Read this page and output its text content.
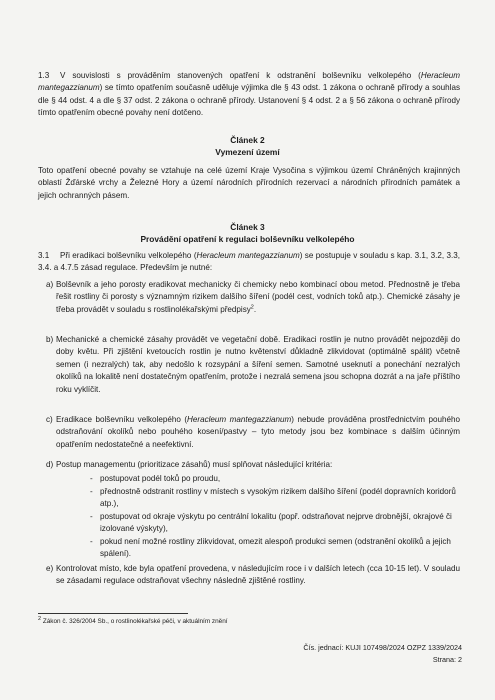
1.3 V souvislosti s prováděním stanovených opatření k odstranění bolševníku velkolepého (Heracleum mantegazzianum) se tímto opatřením současně uděluje výjimka dle § 43 odst. 1 zákona o ochraně přírody a souhlas dle § 44 odst. 4 a dle § 37 odst. 2 zákona o ochraně přírody. Ustanovení § 4 odst. 2 a § 56 zákona o ochraně přírody tímto opatřením obecné povahy není dotčeno.
Článek 2
Vymezení území
Toto opatření obecné povahy se vztahuje na celé území Kraje Vysočina s výjimkou území Chráněných krajinných oblastí Žďárské vrchy a Železné Hory a území národních přírodních rezervací a národních přírodních památek a jejich ochranných pásem.
Článek 3
Provádění opatření k regulaci bolševníku velkolepého
3.1 Při eradikaci bolševníku velkolepého (Heracleum mantegazzianum) se postupuje v souladu s kap. 3.1, 3.2, 3.3, 3.4. a 4.7.5 zásad regulace. Především je nutné:
a) Bolševník a jeho porosty eradikovat mechanicky či chemicky nebo kombinací obou metod. Přednostně je třeba řešit rostliny či porosty s významným rizikem dalšího šíření (podél cest, vodních toků atp.). Chemické zásahy je třeba provádět v souladu s rostlinolékařskými předpisy$^2$.
b) Mechanické a chemické zásahy provádět ve vegetační době. Eradikaci rostlin je nutno provádět nejpozději do doby květu. Při zjištění kvetoucích rostlin je nutno květenství důkladně zlikvidovat (optimálně spálit) včetně semen (i nezralých) tak, aby nedošlo k rozsypání a šíření semen. Samotné useknutí a ponechání nezralých okolíků na lokalitě není dostatečným opatřením, protože i nezralá semena jsou schopna dozrát a na jaře příštího roku vyklíčit.
c) Eradikace bolševníku velkolepého (Heracleum mantegazzianum) nebude prováděna prostřednictvím pouhého odstraňování okolíků nebo pouhého kosení/pastvy – tyto metody jsou bez kombinace s dalším účinným opatřením nedostatečné a neefektivní.
d) Postup managementu (prioritizace zásahů) musí splňovat následující kritéria:
- postupovat podél toků po proudu,
- přednostně odstranit rostliny v místech s vysokým rizikem dalšího šíření (podél dopravních koridorů atp.),
- postupovat od okraje výskytu po centrální lokalitu (popř. odstraňovat nejprve drobnější, okrajové či izolované výskyty),
- pokud není možné rostliny zlikvidovat, omezit alespoň produkci semen (odstranění okolíků a jejich spálení).
e) Kontrolovat místo, kde byla opatření provedena, v následujícím roce i v dalších letech (cca 10-15 let). V souladu se zásadami regulace odstraňovat všechny následně zjištěné rostliny.
$^2$ Zákon č. 326/2004 Sb., o rostlinolékařské péči, v aktuálním znění
Čís. jednací: KUJI 107498/2024 OZPZ 1339/2024
Strana: 2
